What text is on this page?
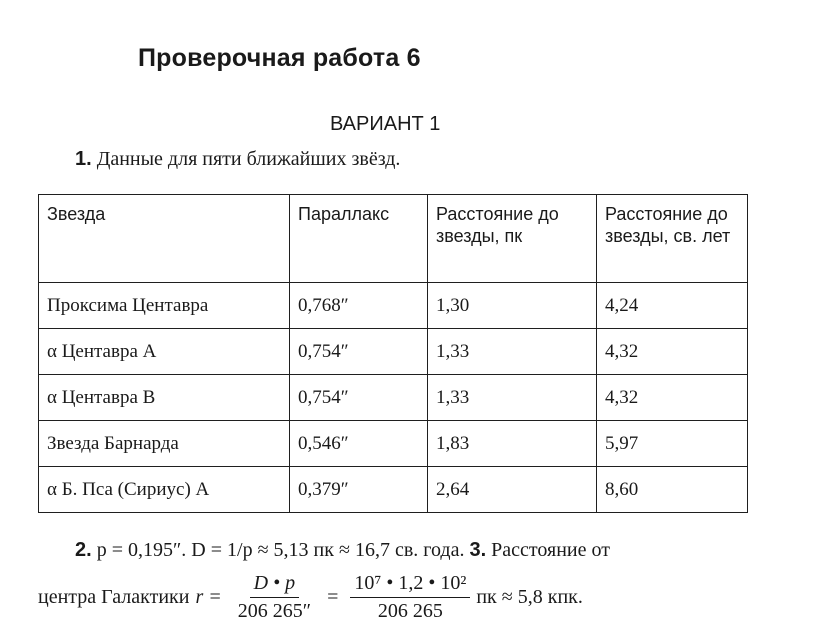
Проверочная работа 6
ВАРИАНТ 1
1. Данные для пяти ближайших звёзд.
Звезда	Параллакс	Расстояние до звезды, пк	Расстояние до звезды, св. лет
Проксима Центавра	0,768″	1,30	4,24
α Центавра А	0,754″	1,33	4,32
α Центавра В	0,754″	1,33	4,32
Звезда Барнарда	0,546″	1,83	5,97
α Б. Пса (Сириус) А	0,379″	2,64	8,60
2. p = 0,195″. D = 1/p ≈ 5,13 пк ≈ 16,7 св. года. 3. Расстояние от
центра Галактики $r = \frac{D • p}{206 265''} = \frac{\text{10⁷ • 1,2 • 10²}}{206 265}$ пк ≈ 5,8 кпк.
